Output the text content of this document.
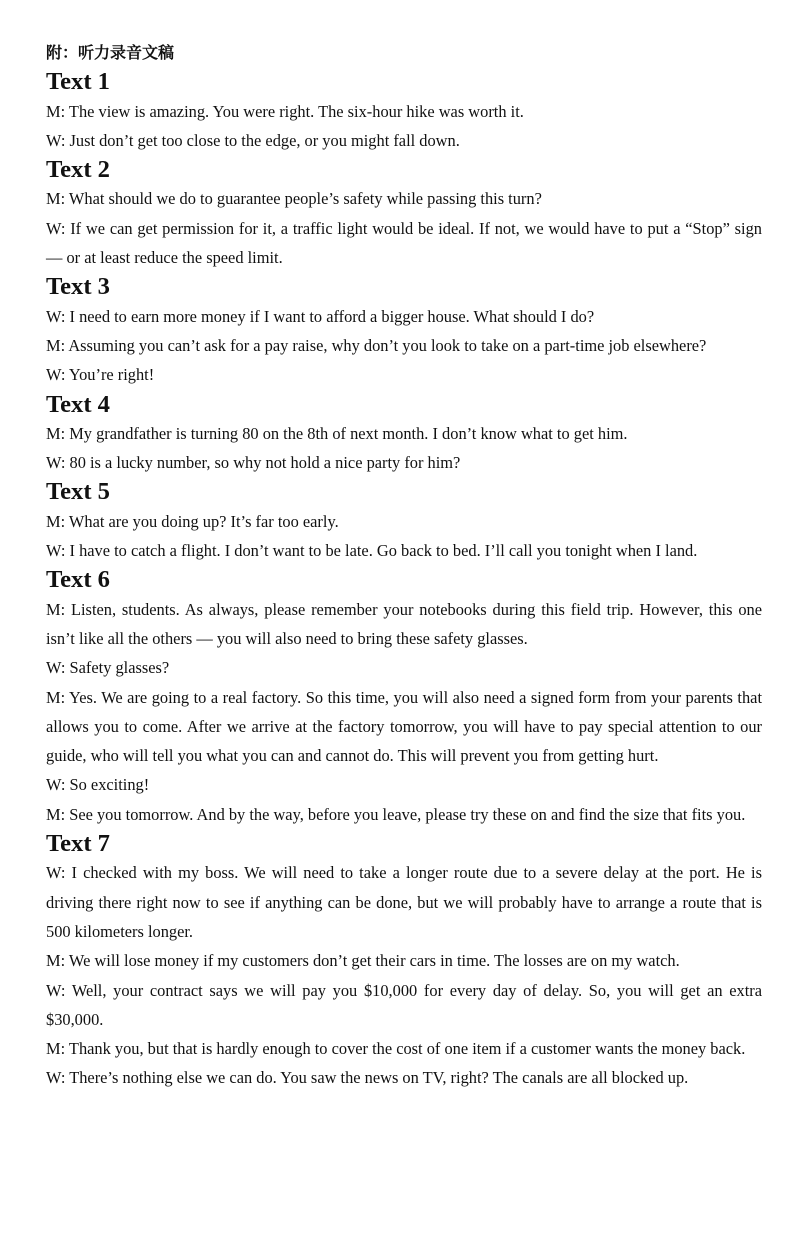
附：听力录音文稿
Text 1

M: The view is amazing. You were right. The six-hour hike was worth it.

W: Just don’t get too close to the edge, or you might fall down.

Text 2

M: What should we do to guarantee people’s safety while passing this turn?

W: If we can get permission for it, a traffic light would be ideal. If not, we would have to put a “Stop” sign — or at least reduce the speed limit.

Text 3

W: I need to earn more money if I want to afford a bigger house. What should I do?

M: Assuming you can’t ask for a pay raise, why don’t you look to take on a part-time job elsewhere?

W: You’re right!

Text 4

M: My grandfather is turning 80 on the 8th of next month. I don’t know what to get him.

W: 80 is a lucky number, so why not hold a nice party for him?

Text 5

M: What are you doing up? It’s far too early.

W: I have to catch a flight. I don’t want to be late. Go back to bed. I’ll call you tonight when I land.

Text 6

M: Listen, students. As always, please remember your notebooks during this field trip. However, this one isn’t like all the others — you will also need to bring these safety glasses.

W: Safety glasses?

M: Yes. We are going to a real factory. So this time, you will also need a signed form from your parents that allows you to come. After we arrive at the factory tomorrow, you will have to pay special attention to our guide, who will tell you what you can and cannot do. This will prevent you from getting hurt.

W: So exciting!

M: See you tomorrow. And by the way, before you leave, please try these on and find the size that fits you.

Text 7

W: I checked with my boss. We will need to take a longer route due to a severe delay at the port. He is driving there right now to see if anything can be done, but we will probably have to arrange a route that is 500 kilometers longer.

M: We will lose money if my customers don’t get their cars in time. The losses are on my watch.

W: Well, your contract says we will pay you $10,000 for every day of delay. So, you will get an extra $30,000.

M: Thank you, but that is hardly enough to cover the cost of one item if a customer wants the money back.

W: There’s nothing else we can do. You saw the news on TV, right? The canals are all blocked up.
